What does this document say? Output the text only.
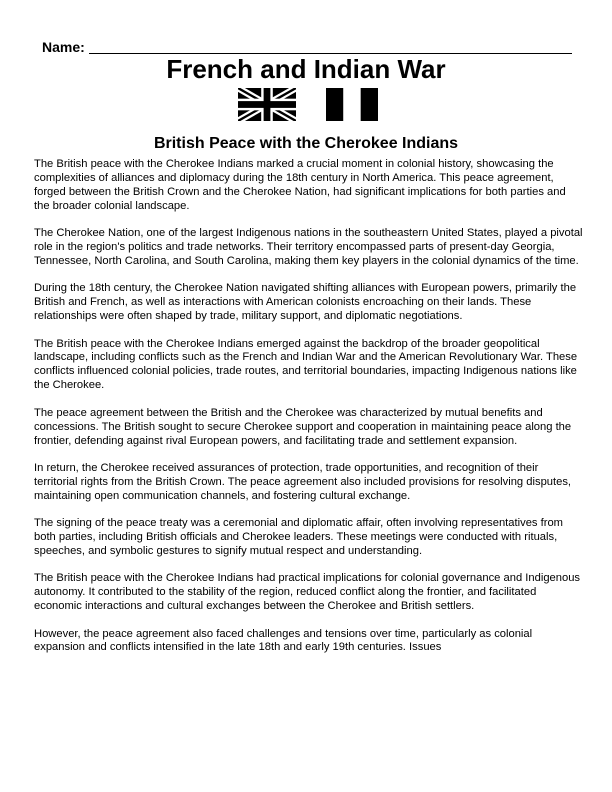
Name:
French and Indian War
British Peace with the Cherokee Indians

The British peace with the Cherokee Indians marked a crucial moment in colonial history, showcasing the complexities of alliances and diplomacy during the 18th century in North America. This peace agreement, forged between the British Crown and the Cherokee Nation, had significant implications for both parties and the broader colonial landscape.

The Cherokee Nation, one of the largest Indigenous nations in the southeastern United States, played a pivotal role in the region's politics and trade networks. Their territory encompassed parts of present-day Georgia, Tennessee, North Carolina, and South Carolina, making them key players in the colonial dynamics of the time.

During the 18th century, the Cherokee Nation navigated shifting alliances with European powers, primarily the British and French, as well as interactions with American colonists encroaching on their lands. These relationships were often shaped by trade, military support, and diplomatic negotiations.

The British peace with the Cherokee Indians emerged against the backdrop of the broader geopolitical landscape, including conflicts such as the French and Indian War and the American Revolutionary War. These conflicts influenced colonial policies, trade routes, and territorial boundaries, impacting Indigenous nations like the Cherokee.

The peace agreement between the British and the Cherokee was characterized by mutual benefits and concessions. The British sought to secure Cherokee support and cooperation in maintaining peace along the frontier, defending against rival European powers, and facilitating trade and settlement expansion.

In return, the Cherokee received assurances of protection, trade opportunities, and recognition of their territorial rights from the British Crown. The peace agreement also included provisions for resolving disputes, maintaining open communication channels, and fostering cultural exchange.

The signing of the peace treaty was a ceremonial and diplomatic affair, often involving representatives from both parties, including British officials and Cherokee leaders. These meetings were conducted with rituals, speeches, and symbolic gestures to signify mutual respect and understanding.

The British peace with the Cherokee Indians had practical implications for colonial governance and Indigenous autonomy. It contributed to the stability of the region, reduced conflict along the frontier, and facilitated economic interactions and cultural exchanges between the Cherokee and British settlers.

However, the peace agreement also faced challenges and tensions over time, particularly as colonial expansion and conflicts intensified in the late 18th and early 19th centuries. Issues
